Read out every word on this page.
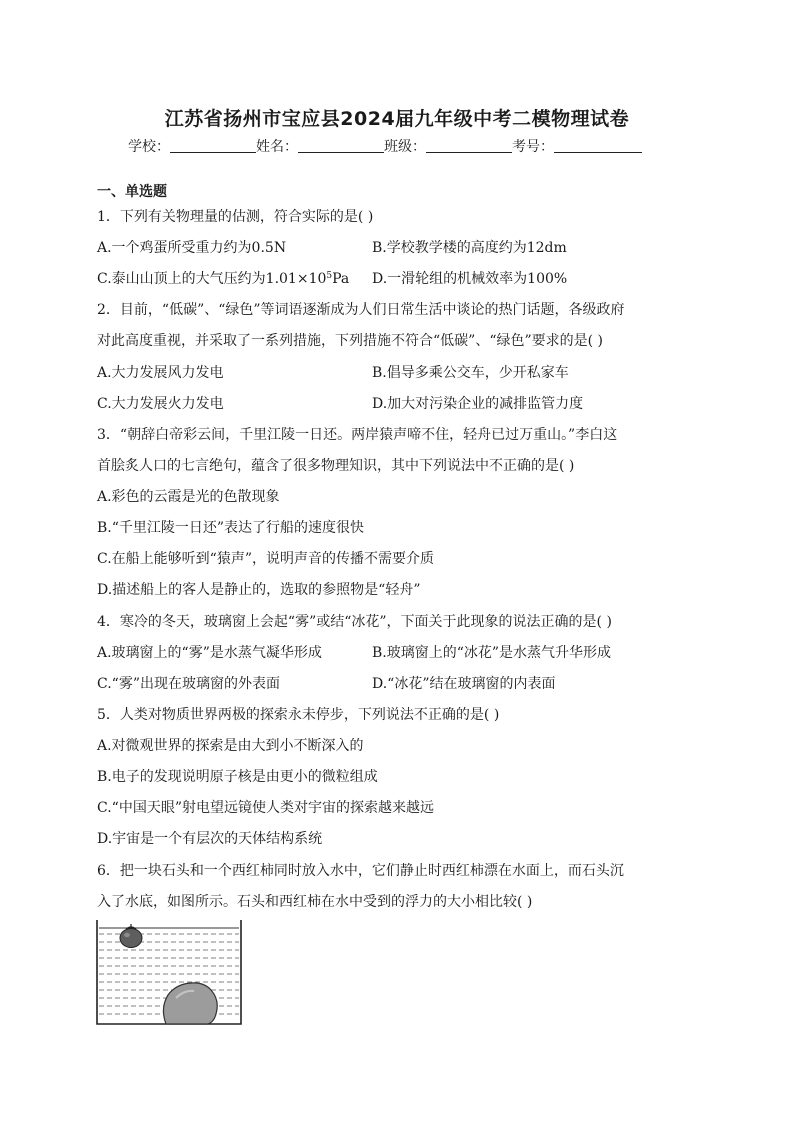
江苏省扬州市宝应县2024届九年级中考二模物理试卷
学校：	姓名：	班级：	考号：
一、单选题
1．下列有关物理量的估测，符合实际的是( )
A.一个鸡蛋所受重力约为0.5N	B.学校教学楼的高度约为12dm
C.泰山山顶上的大气压约为$1.01\times 10^5Pa$ D.一滑轮组的机械效率为100%
2．目前，“低碳”、“绿色”等词语逐渐成为人们日常生活中谈论的热门话题，各级政府
对此高度重视，并采取了一系列措施，下列措施不符合“低碳”、“绿色”要求的是( )
A.大力发展风力发电	B.倡导多乘公交车，少开私家车
C.大力发展火力发电	D.加大对污染企业的减排监管力度
3．“朝辞白帝彩云间，千里江陵一日还。两岸猿声啼不住，轻舟已过万重山。”李白这
首脍炙人口的七言绝句，蕴含了很多物理知识，其中下列说法中不正确的是( )
A.彩色的云霞是光的色散现象
B.“千里江陵一日还”表达了行船的速度很快
C.在船上能够听到“猿声”，说明声音的传播不需要介质
D.描述船上的客人是静止的，选取的参照物是“轻舟”
4．寒冷的冬天，玻璃窗上会起“雾”或结“冰花”，下面关于此现象的说法正确的是( )
A.玻璃窗上的“雾”是水蒸气凝华形成	B.玻璃窗上的“冰花”是水蒸气升华形成
C.“雾”出现在玻璃窗的外表面	D.“冰花”结在玻璃窗的内表面
5．人类对物质世界两极的探索永未停步，下列说法不正确的是( )
A.对微观世界的探索是由大到小不断深入的
B.电子的发现说明原子核是由更小的微粒组成
C.“中国天眼”射电望远镜使人类对宇宙的探索越来越远
D.宇宙是一个有层次的天体结构系统
6．把一块石头和一个西红柿同时放入水中，它们静止时西红柿漂在水面上，而石头沉
入了水底，如图所示。石头和西红柿在水中受到的浮力的大小相比较( )
